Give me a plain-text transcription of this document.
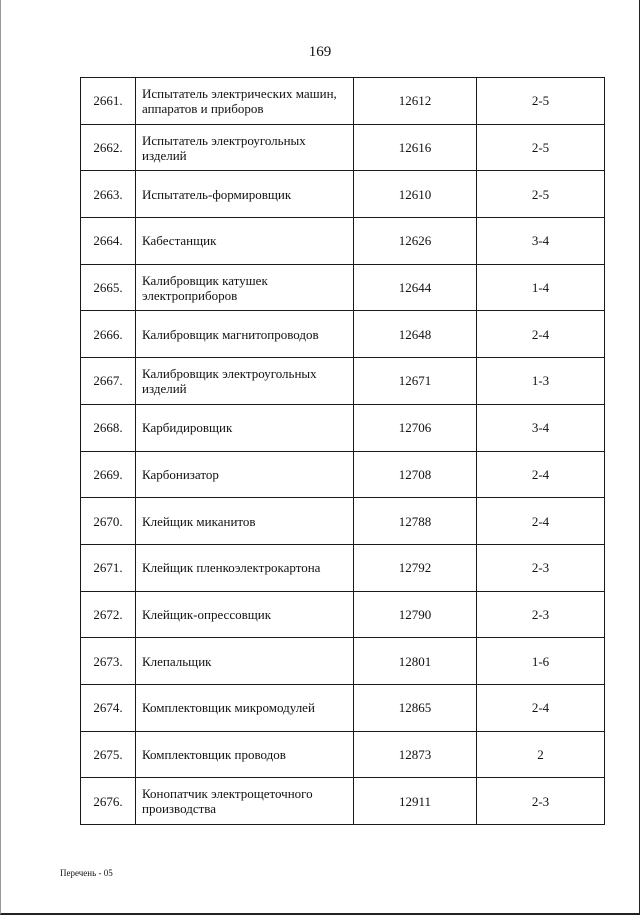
169
2661.	Испытатель электрических машин, аппаратов и приборов	12612	2-5
2662.	Испытатель электроугольных изделий	12616	2-5
2663.	Испытатель-формировщик	12610	2-5
2664.	Кабестанщик	12626	3-4
2665.	Калибровщик катушек электроприборов	12644	1-4
2666.	Калибровщик магнитопроводов	12648	2-4
2667.	Калибровщик электроугольных изделий	12671	1-3
2668.	Карбидировщик	12706	3-4
2669.	Карбонизатор	12708	2-4
2670.	Клейщик миканитов	12788	2-4
2671.	Клейщик пленкоэлектрокартона	12792	2-3
2672.	Клейщик-опрессовщик	12790	2-3
2673.	Клепальщик	12801	1-6
2674.	Комплектовщик микромодулей	12865	2-4
2675.	Комплектовщик проводов	12873	2
2676.	Конопатчик электрощеточного производства	12911	2-3
Перечень - 05
